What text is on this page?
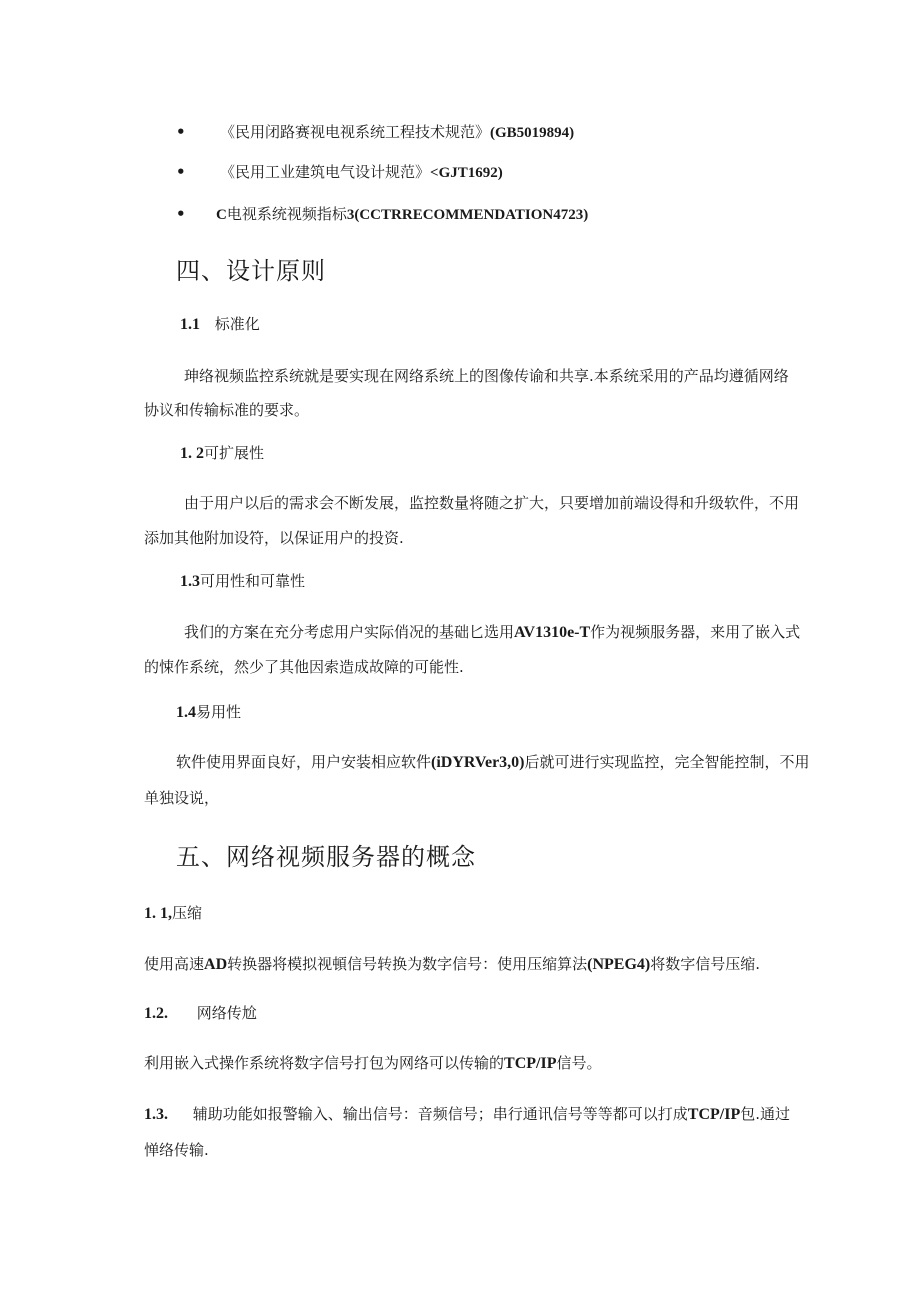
• 《民用闭路赛视电视系统工程技术规范》(GB5019894)
• 《民用工业建筑电气设计规范》<GJT1692)
• C电视系统视频指标3(CCTRRECOMMENDATION4723)
四、设计原则
1.1 标准化
珅络视频监控系统就是要实现在网络系统上的图像传谕和共享.本系统采用的产品均遵循网络
协议和传输标准的要求。
1. 2可扩展性
由于用户以后的需求会不断发展，监控数量将随之扩大，只要增加前端设得和升级软件，不用
添加其他附加设符，以保证用户的投资.
1.3可用性和可靠性
我们的方案在充分考虑用户实际俏况的基础匕选用AV1310e-T作为视频服务器，来用了嵌入式
的悚作系统，然少了其他因索造成故障的可能性.
1.4易用性
软件使用界面良好，用户安装相应软件(iDYRVer3,0)后就可进行实现监控，完全智能控制，不用
单独设说，
五、网络视频服务器的概念
1. 1,压缩
使用高速AD转换器将模拟视頓信号转换为数字信号：使用压缩算法(NPEG4)将数字信号压缩.
1.2. 网络传尬
利用嵌入式操作系统将数字信号打包为网络可以传输的TCP/IP信号。
1.3. 辅助功能如报警输入、输出信号：音频信号；串行通讯信号等等都可以打成TCP/IP包.通过
惮络传输.
